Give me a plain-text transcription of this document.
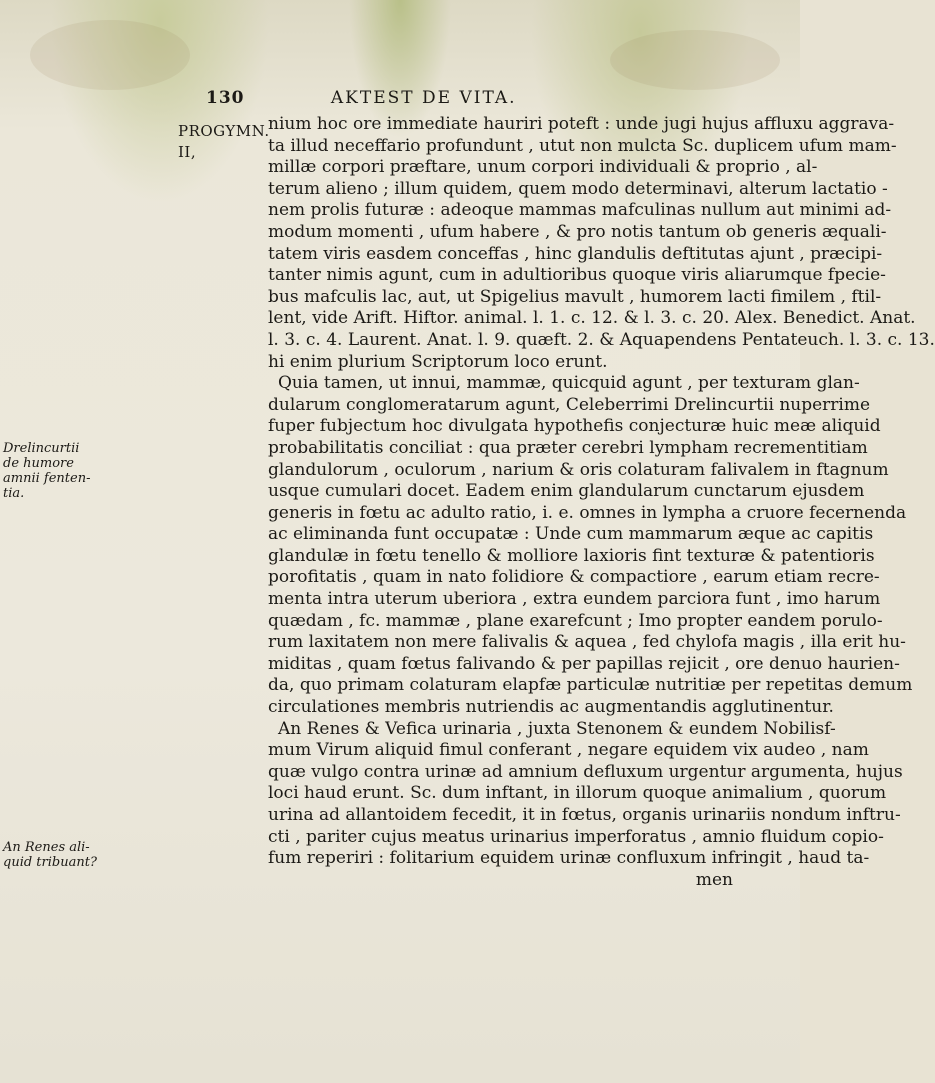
130	AKTEST DE VITA.
PROGYMN.
II,
Drelincurtii
de humore
amnii fenten-
tia.
An Renes ali-
quid tribuant?
nium hoc ore immediate hauriri poteft : unde jugi hujus affluxu aggrava-
ta illud neceffario profundunt , utut non mulcta Sc. duplicem ufum mam-
millæ corpori præftare, unum corpori individuali & proprio , al-
terum alieno ; illum quidem, quem modo determinavi, alterum lactatio -
nem prolis futuræ : adeoque mammas mafculinas nullum aut minimi ad-
modum momenti , ufum habere , & pro notis tantum ob generis æquali-
tatem viris easdem conceffas , hinc glandulis deftitutas ajunt , præcipi-
tanter nimis agunt, cum in adultioribus quoque viris aliarumque fpecie-
bus mafculis lac, aut, ut Spigelius mavult , humorem lacti fimilem , ftil-
lent, vide Arift. Hiftor. animal. l. 1. c. 12. & l. 3. c. 20. Alex. Benedict. Anat.
l. 3. c. 4. Laurent. Anat. l. 9. quæft. 2. & Aquapendens Pentateuch. l. 3. c. 13.
hi enim plurium Scriptorum loco erunt.
Quia tamen, ut innui, mammæ, quicquid agunt , per texturam glan-
dularum conglomeratarum agunt, Celeberrimi Drelincurtii nuperrime
fuper fubjectum hoc divulgata hypothefis conjecturæ huic meæ aliquid
probabilitatis conciliat : qua præter cerebri lympham recrementitiam
glandulorum , oculorum , narium & oris colaturam falivalem in ftagnum
usque cumulari docet. Eadem enim glandularum cunctarum ejusdem
generis in fœtu ac adulto ratio, i. e. omnes in lympha a cruore fecernenda
ac eliminanda funt occupatæ : Unde cum mammarum æque ac capitis
glandulæ in fœtu tenello & molliore laxioris fint texturæ & patentioris
porofitatis , quam in nato folidiore & compactiore , earum etiam recre-
menta intra uterum uberiora , extra eundem parciora funt , imo harum
quædam , fc. mammæ , plane exarefcunt ; Imo propter eandem porulo-
rum laxitatem non mere falivalis & aquea , fed chylofa magis , illa erit hu-
miditas , quam fœtus falivando & per papillas rejicit , ore denuo haurien-
da, quo primam colaturam elapfæ particulæ nutritiæ per repetitas demum
circulationes membris nutriendis ac augmentandis agglutinentur.
An Renes & Vefica urinaria , juxta Stenonem & eundem Nobilisf-
mum Virum aliquid fimul conferant , negare equidem vix audeo , nam
quæ vulgo contra urinæ ad amnium defluxum urgentur argumenta, hujus
loci haud erunt. Sc. dum inftant, in illorum quoque animalium , quorum
urina ad allantoidem fecedit, it in fœtus, organis urinariis nondum inftru-
cti , pariter cujus meatus urinarius imperforatus , amnio fluidum copio-
fum reperiri : folitarium equidem urinæ confluxum infringit , haud ta-
men
